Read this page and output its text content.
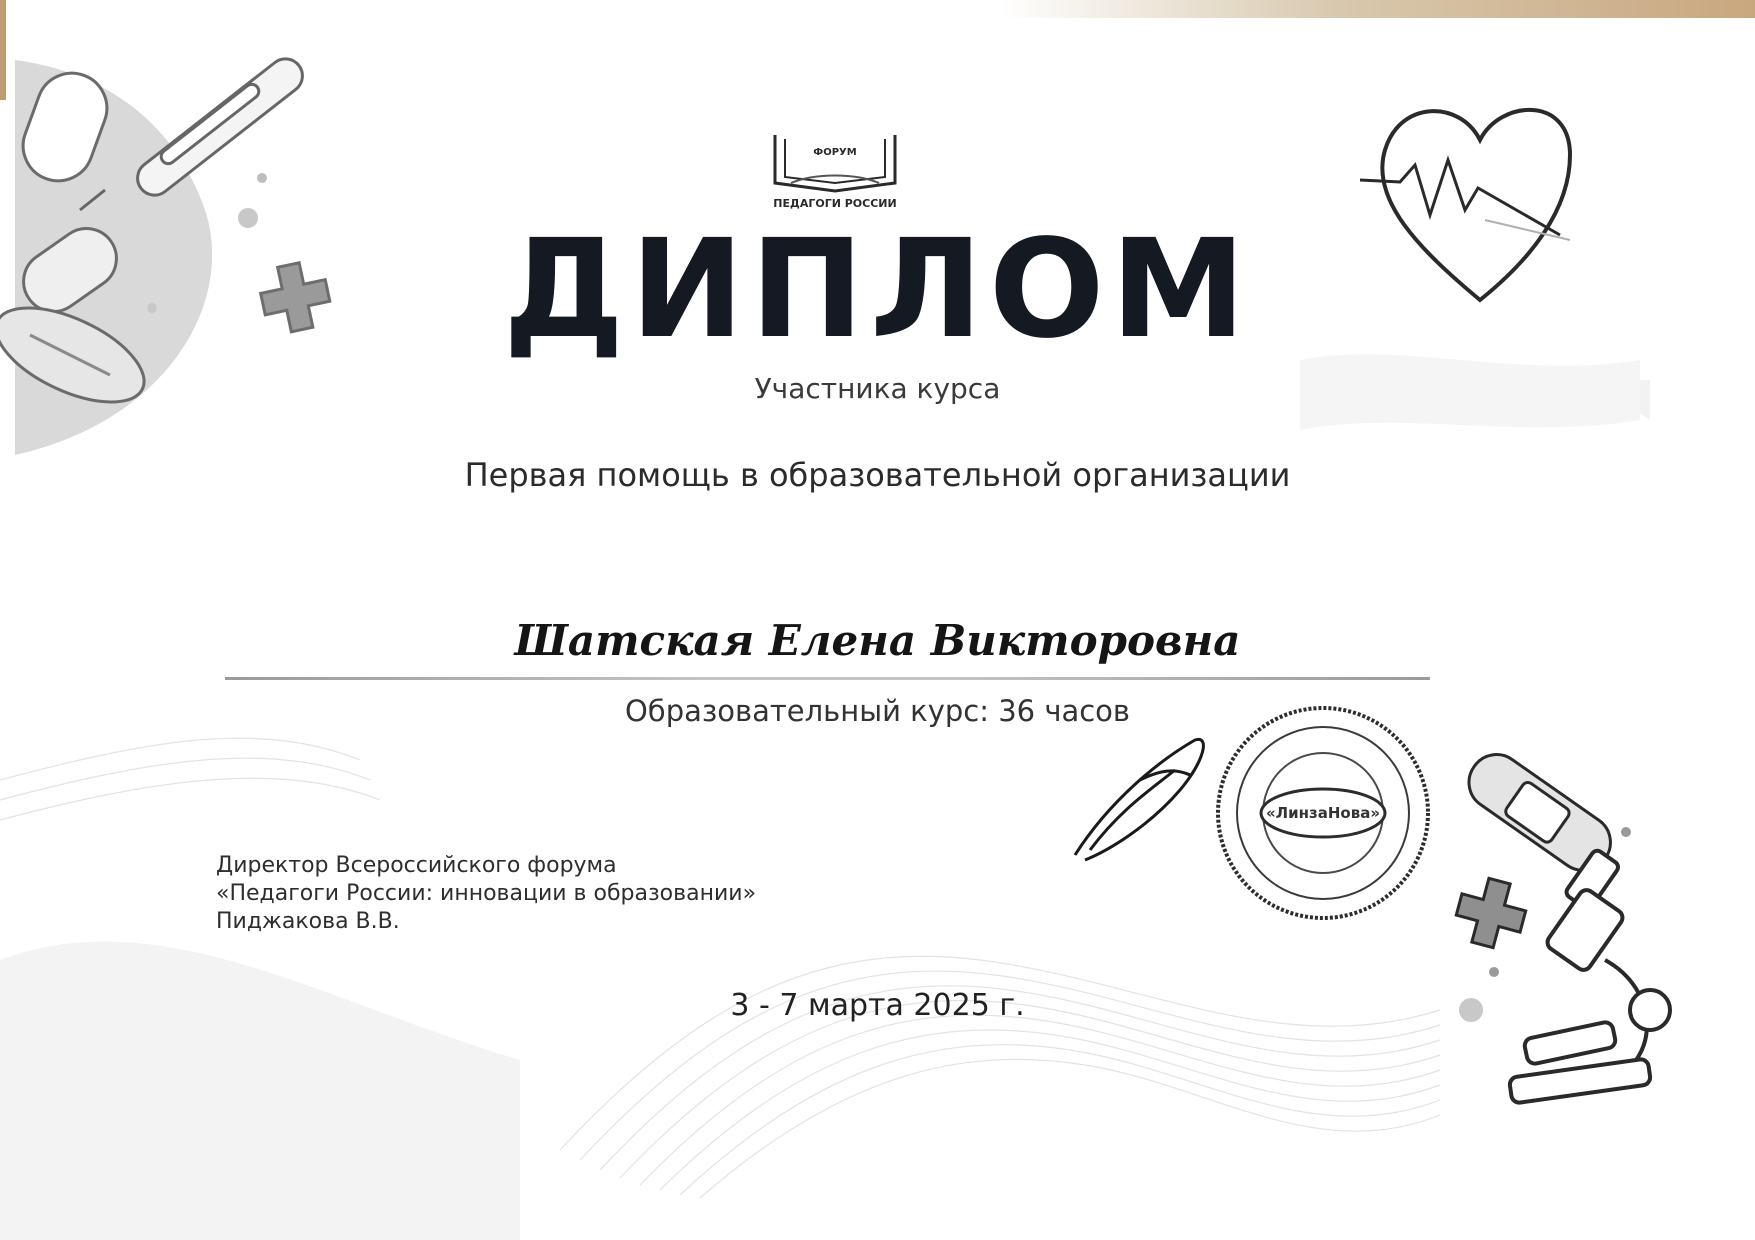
«ЛинзаНова»
ФОРУМ
ПЕДАГОГИ РОССИИ
ДИПЛОМ
Участника курса
Первая помощь в образовательной организации
Шатская Елена Викторовна
Образовательный курс: 36 часов
Директор Всероссийского форума
«Педагоги России: инновации в образовании»
Пиджакова В.В.
3 - 7 марта 2025 г.
